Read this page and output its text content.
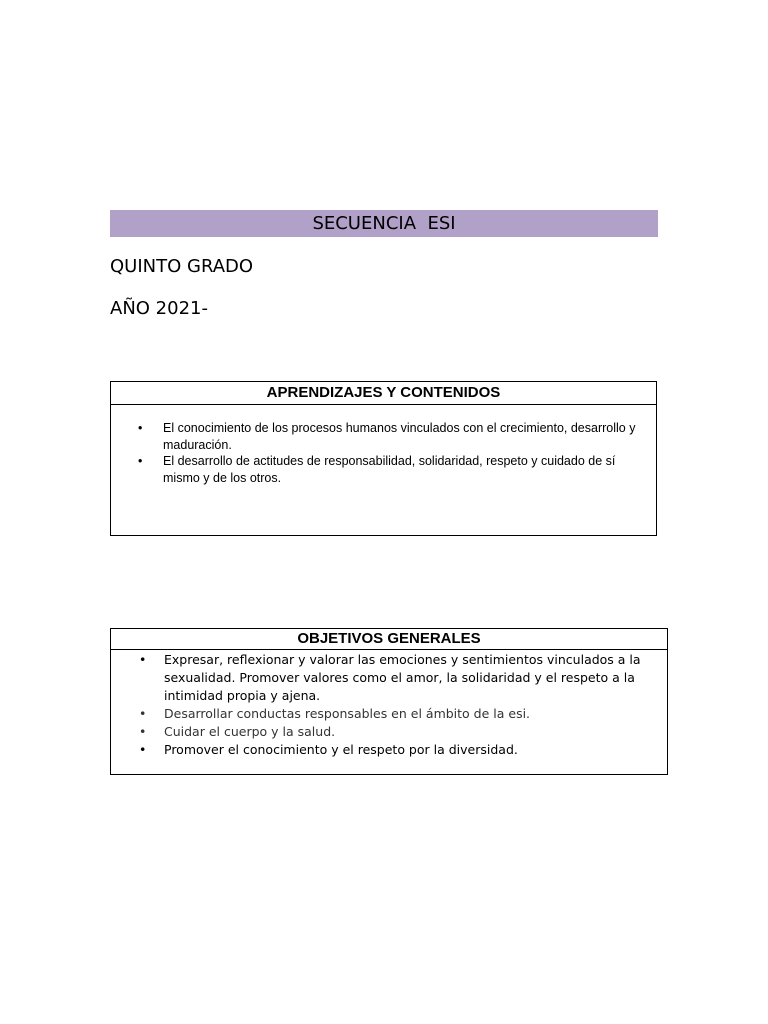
SECUENCIA  ESI
QUINTO GRADO
AÑO 2021-
APRENDIZAJES Y CONTENIDOS
• El conocimiento de los procesos humanos vinculados con el crecimiento, desarrollo y maduración.
• El desarrollo de actitudes de responsabilidad, solidaridad, respeto y cuidado de sí mismo y de los otros.
OBJETIVOS GENERALES
• Expresar, reflexionar y valorar las emociones y sentimientos vinculados a la sexualidad. Promover valores como el amor, la solidaridad y el respeto a la intimidad propia y ajena.
• Desarrollar conductas responsables en el ámbito de la esi.
• Cuidar el cuerpo y la salud.
• Promover el conocimiento y el respeto por la diversidad.
